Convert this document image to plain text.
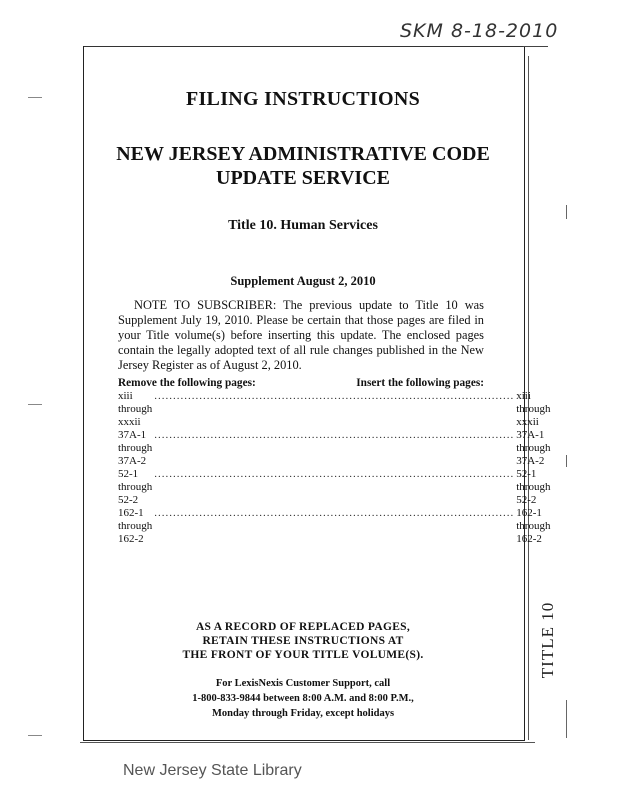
SKM 8-18-2010
TITLE 10
FILING INSTRUCTIONS
NEW JERSEY ADMINISTRATIVE CODE
UPDATE SERVICE
Title 10. Human Services
Supplement August 2, 2010
NOTE TO SUBSCRIBER: The previous update to Title 10 was Supplement July 19, 2010. Please be certain that those pages are filed in your Title volume(s) before inserting this update. The enclosed pages contain the legally adopted text of all rule changes published in the New Jersey Register as of August 2, 2010.
Remove the following pages:	Insert the following pages:
xiii through xxxii
................................................................................................ xiii through xxxii
37A-1 through 37A-2
................................................................................................ 37A-1 through 37A-2
52-1 through 52-2
................................................................................................ 52-1 through 52-2
162-1 through 162-2
................................................................................................ 162-1 through 162-2
AS A RECORD OF REPLACED PAGES,
RETAIN THESE INSTRUCTIONS AT
THE FRONT OF YOUR TITLE VOLUME(S).
For LexisNexis Customer Support, call
1-800-833-9844 between 8:00 A.M. and 8:00 P.M.,
Monday through Friday, except holidays
New Jersey State Library
